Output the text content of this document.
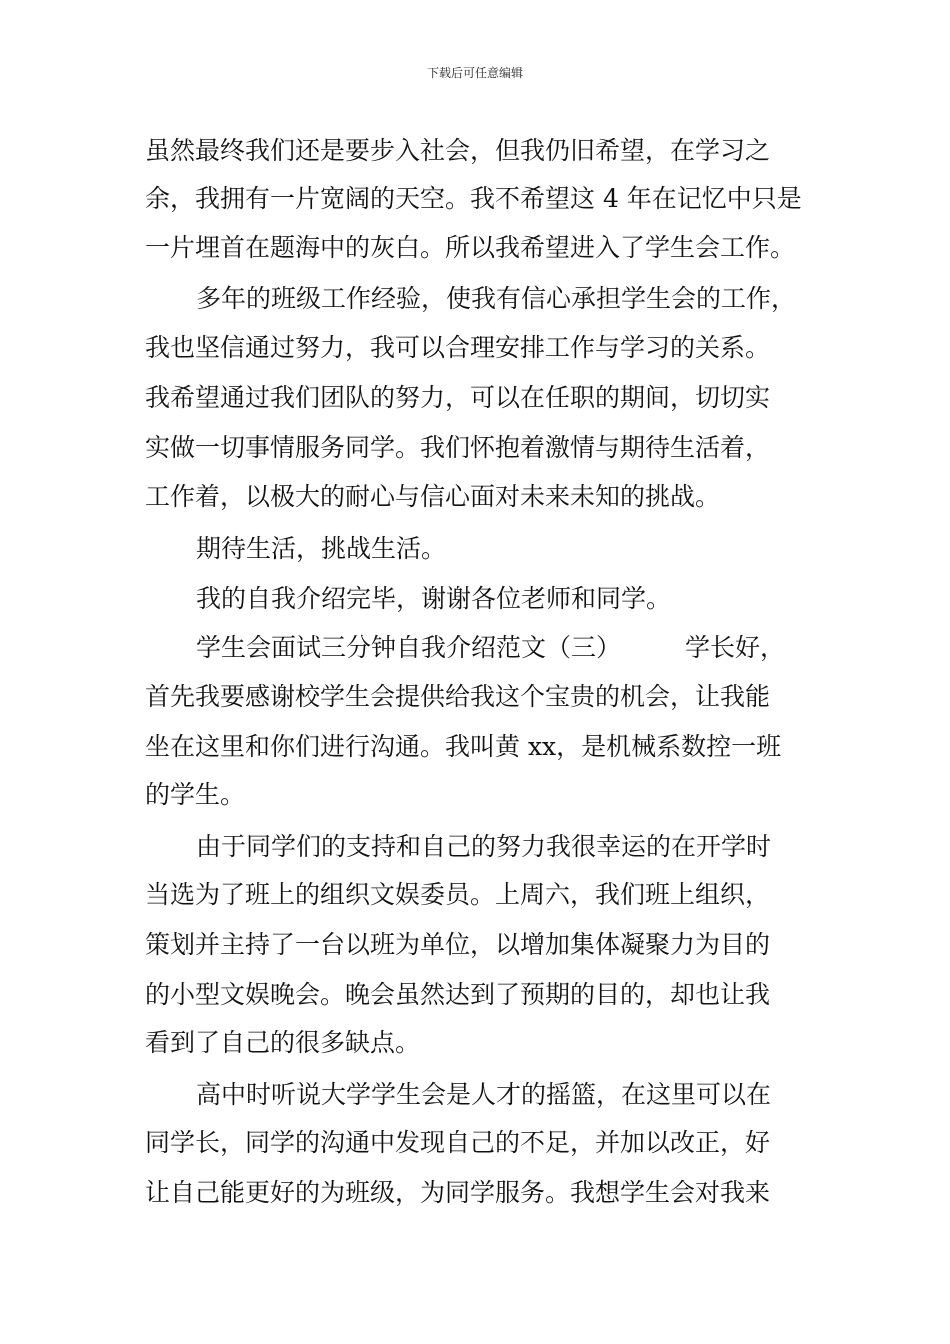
下载后可任意编辑
虽然最终我们还是要步入社会，但我仍旧希望，在学习之
余，我拥有一片宽阔的天空。我不希望这 4 年在记忆中只是
一片埋首在题海中的灰白。所以我希望进入了学生会工作。
多年的班级工作经验，使我有信心承担学生会的工作，
我也坚信通过努力，我可以合理安排工作与学习的关系。
我希望通过我们团队的努力，可以在任职的期间，切切实
实做一切事情服务同学。我们怀抱着激情与期待生活着，
工作着，以极大的耐心与信心面对未来未知的挑战。
期待生活，挑战生活。
我的自我介绍完毕，谢谢各位老师和同学。
学生会面试三分钟自我介绍范文（三）	学长好，
首先我要感谢校学生会提供给我这个宝贵的机会，让我能
坐在这里和你们进行沟通。我叫黄 xx，是机械系数控一班
的学生。
由于同学们的支持和自己的努力我很幸运的在开学时
当选为了班上的组织文娱委员。上周六，我们班上组织，
策划并主持了一台以班为单位，以增加集体凝聚力为目的
的小型文娱晚会。晚会虽然达到了预期的目的，却也让我
看到了自己的很多缺点。
高中时听说大学学生会是人才的摇篮，在这里可以在
同学长，同学的沟通中发现自己的不足，并加以改正，好
让自己能更好的为班级，为同学服务。我想学生会对我来
